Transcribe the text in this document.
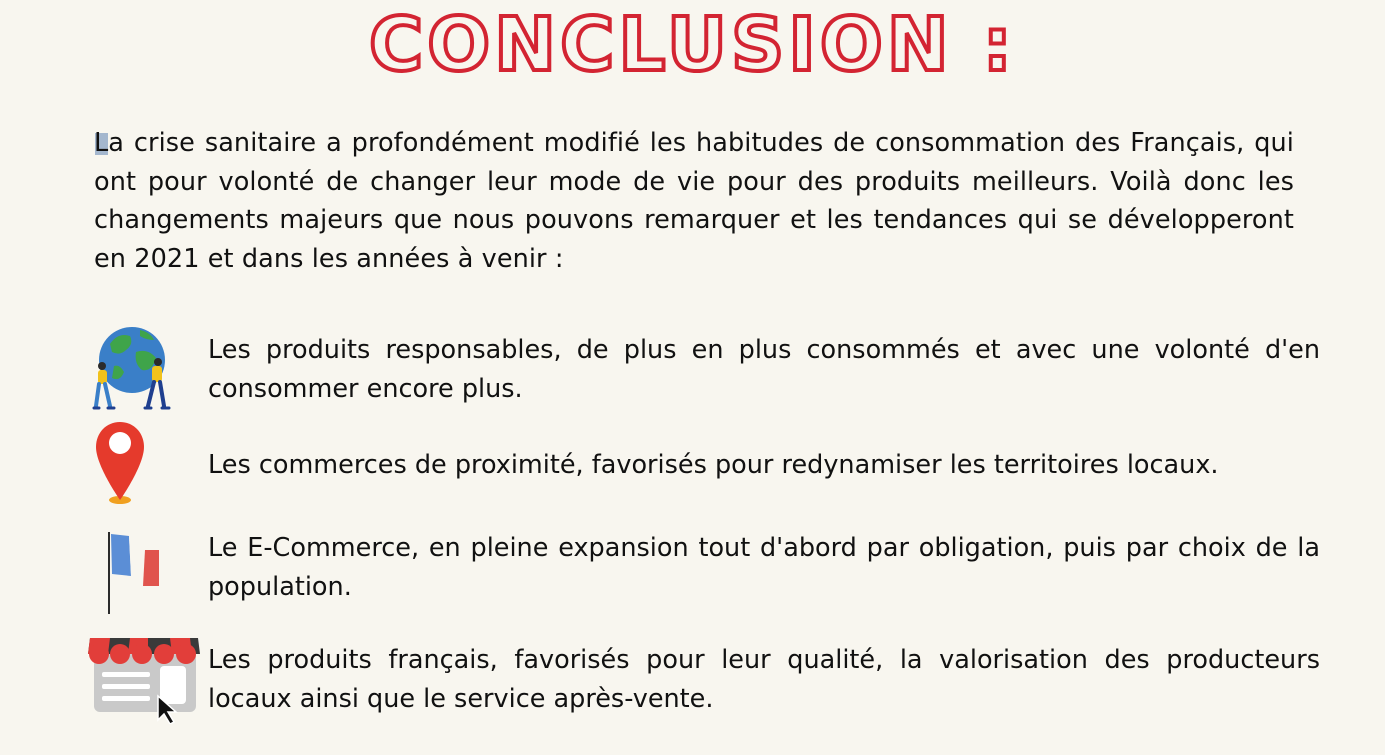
CONCLUSION :

La crise sanitaire a profondément modifié les habitudes de consommation des Français, qui ont pour volonté de changer leur mode de vie pour des produits meilleurs. Voilà donc les changements majeurs que nous pouvons remarquer et les tendances qui se développeront en 2021 et dans les années à venir :

Les produits responsables, de plus en plus consommés et avec une volonté d'en consommer encore plus.

Les commerces de proximité, favorisés pour redynamiser les territoires locaux.

Le E-Commerce, en pleine expansion tout d'abord par obligation, puis par choix de la population.

Les produits français, favorisés pour leur qualité, la valorisation des producteurs locaux ainsi que le service après-vente.
